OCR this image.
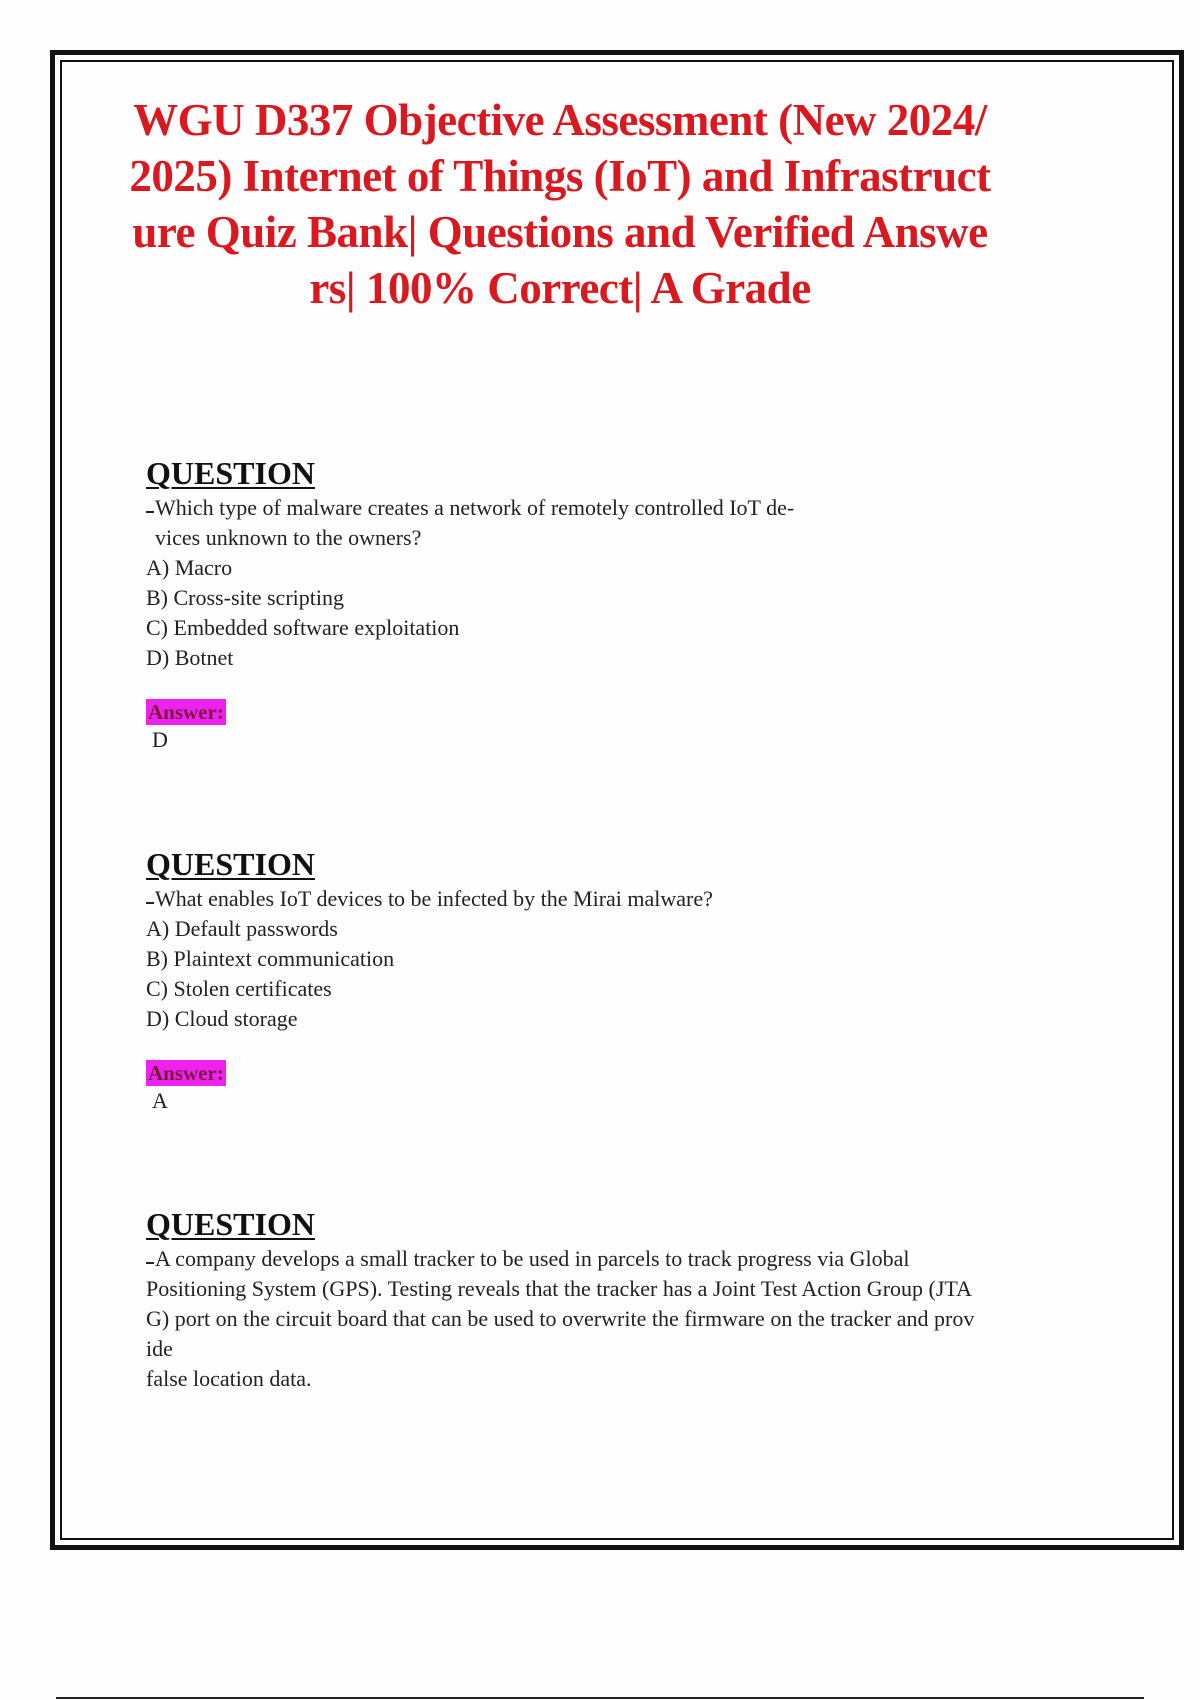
WGU D337 Objective Assessment (New 2024/
2025) Internet of Things (IoT) and Infrastruct
ure Quiz Bank| Questions and Verified Answe
rs| 100% Correct| A Grade
QUESTION

Which type of malware creates a network of remotely controlled IoT de-
vices unknown to the owners?

A) Macro
B) Cross-site scripting
C) Embedded software exploitation
D) Botnet
Answer:
D
QUESTION

What enables IoT devices to be infected by the Mirai malware?

A) Default passwords
B) Plaintext communication
C) Stolen certificates
D) Cloud storage
Answer:
A
QUESTION

A company develops a small tracker to be used in parcels to track progress via Global
Positioning System (GPS). Testing reveals that the tracker has a Joint Test Action Group (JTA
G) port on the circuit board that can be used to overwrite the firmware on the tracker and prov
ide
false location data.
